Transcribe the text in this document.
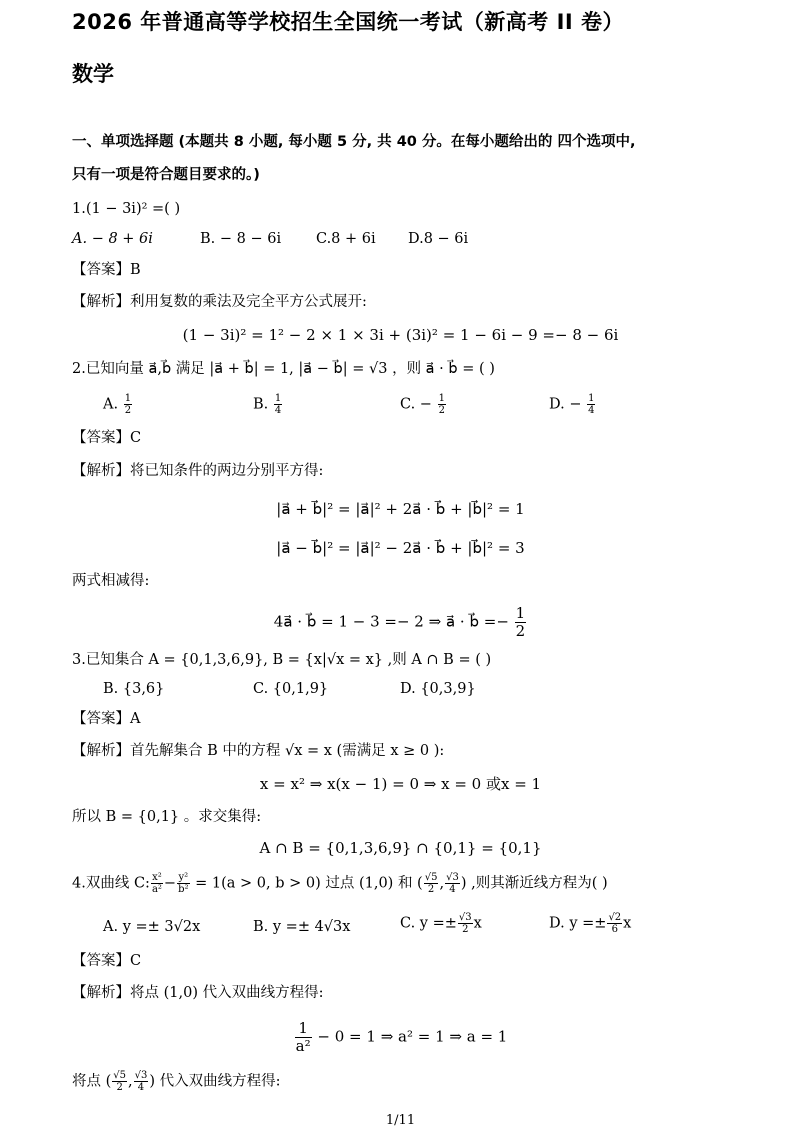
2026 年普通高等学校招生全国统一考试（新高考 II 卷）
数学
一、单项选择题 (本题共 8 小题, 每小题 5 分, 共 40 分。在每小题给出的 四个选项中,
只有一项是符合题目要求的。)
1.(1 − 3i)² =( )
A. − 8 + 6i	B. − 8 − 6i C.8 + 6i D.8 − 6i
【答案】B
【解析】利用复数的乘法及完全平方公式展开:
(1 − 3i)² = 1² − 2 × 1 × 3i + (3i)² = 1 − 6i − 9 =− 8 − 6i
2.已知向量 a⃗,b⃗ 满足 |a⃗ + b⃗| = 1, |a⃗ − b⃗| = √3 ，则 a⃗ · b⃗ = ( )
A. $\frac{1}{2}$	B. $\frac{1}{4}$	C. − $\frac{1}{2}$	D. − $\frac{1}{4}$
【答案】C
【解析】将已知条件的两边分别平方得:
|a⃗ + b⃗|² = |a⃗|² + 2a⃗ · b⃗ + |b⃗|² = 1
|a⃗ − b⃗|² = |a⃗|² − 2a⃗ · b⃗ + |b⃗|² = 3
两式相减得:
4a⃗ · b⃗ = 1 − 3 =− 2 ⇒ a⃗ · b⃗ =− $\frac{1}{2}$
3.已知集合 A = {0,1,3,6,9}, B = {x|√x = x} ,则 A ∩ B = ( )
B. {3,6}	C. {0,1,9}	D. {0,3,9}
【答案】A
【解析】首先解集合 B 中的方程 √x = x (需满足 x ≥ 0 ):
x = x² ⇒ x(x − 1) = 0 ⇒ x = 0 或x = 1
所以 B = {0,1} 。求交集得:
A ∩ B = {0,1,3,6,9} ∩ {0,1} = {0,1}
4.双曲线 C: $\frac{\text{x²}}{\text{a²}} - \frac{\text{y²}}{\text{b²}} = 1(a > 0$, b > 0) 过点 (1,0) 和 ( $\frac{√5}{2}$ , $\frac{√3}{4}$ ) ,则其渐近线方程为( )
A. y =± 3√2x	B. y =± 4√3x	C. $y =\pm \frac{√3}{2}$ x	D. $y =\pm \frac{√2}{6}$ x
【答案】C
【解析】将点 (1,0) 代入双曲线方程得:
$\frac{1}{\text{a²}} - 0 = 1$ ⇒ a² = 1 ⇒ a = 1
将点 ( $\frac{√5}{2}$ , $\frac{√3}{4}$ ) 代入双曲线方程得:
1/11
